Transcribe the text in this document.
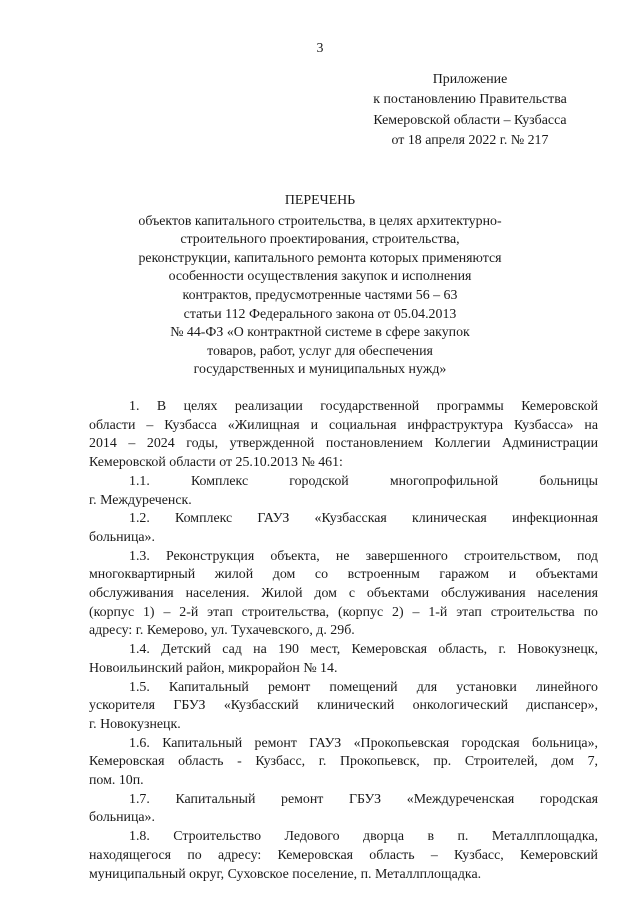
3
Приложение
к постановлению Правительства
Кемеровской области – Кузбасса
от 18 апреля 2022 г. № 217
ПЕРЕЧЕНЬ
объектов капитального строительства, в целях архитектурно-
строительного проектирования, строительства,
реконструкции, капитального ремонта которых применяются
особенности осуществления закупок и исполнения
контрактов, предусмотренные частями 56 – 63
статьи 112 Федерального закона от 05.04.2013
№ 44-ФЗ «О контрактной системе в сфере закупок
товаров, работ, услуг для обеспечения
государственных и муниципальных нужд»
1. В целях реализации государственной программы Кемеровской
области – Кузбасса «Жилищная и социальная инфраструктура Кузбасса» на
2014 – 2024 годы, утвержденной постановлением Коллегии Администрации
Кемеровской области от 25.10.2013 № 461:
1.1. Комплекс городской многопрофильной больницы
г. Междуреченск.
1.2. Комплекс ГАУЗ «Кузбасская клиническая инфекционная
больница».
1.3. Реконструкция объекта, не завершенного строительством, под
многоквартирный жилой дом со встроенным гаражом и объектами
обслуживания населения. Жилой дом с объектами обслуживания населения
(корпус 1) – 2-й этап строительства, (корпус 2) – 1-й этап строительства по
адресу: г. Кемерово, ул. Тухачевского, д. 29б.
1.4. Детский сад на 190 мест, Кемеровская область, г. Новокузнецк,
Новоильинский район, микрорайон № 14.
1.5. Капитальный ремонт помещений для установки линейного
ускорителя ГБУЗ «Кузбасский клинический онкологический диспансер»,
г. Новокузнецк.
1.6. Капитальный ремонт ГАУЗ «Прокопьевская городская больница»,
Кемеровская область - Кузбасс, г. Прокопьевск, пр. Строителей, дом 7,
пом. 10п.
1.7. Капитальный ремонт ГБУЗ «Междуреченская городская
больница».
1.8. Строительство Ледового дворца в п. Металлплощадка,
находящегося по адресу: Кемеровская область – Кузбасс, Кемеровский
муниципальный округ, Суховское поселение, п. Металлплощадка.
